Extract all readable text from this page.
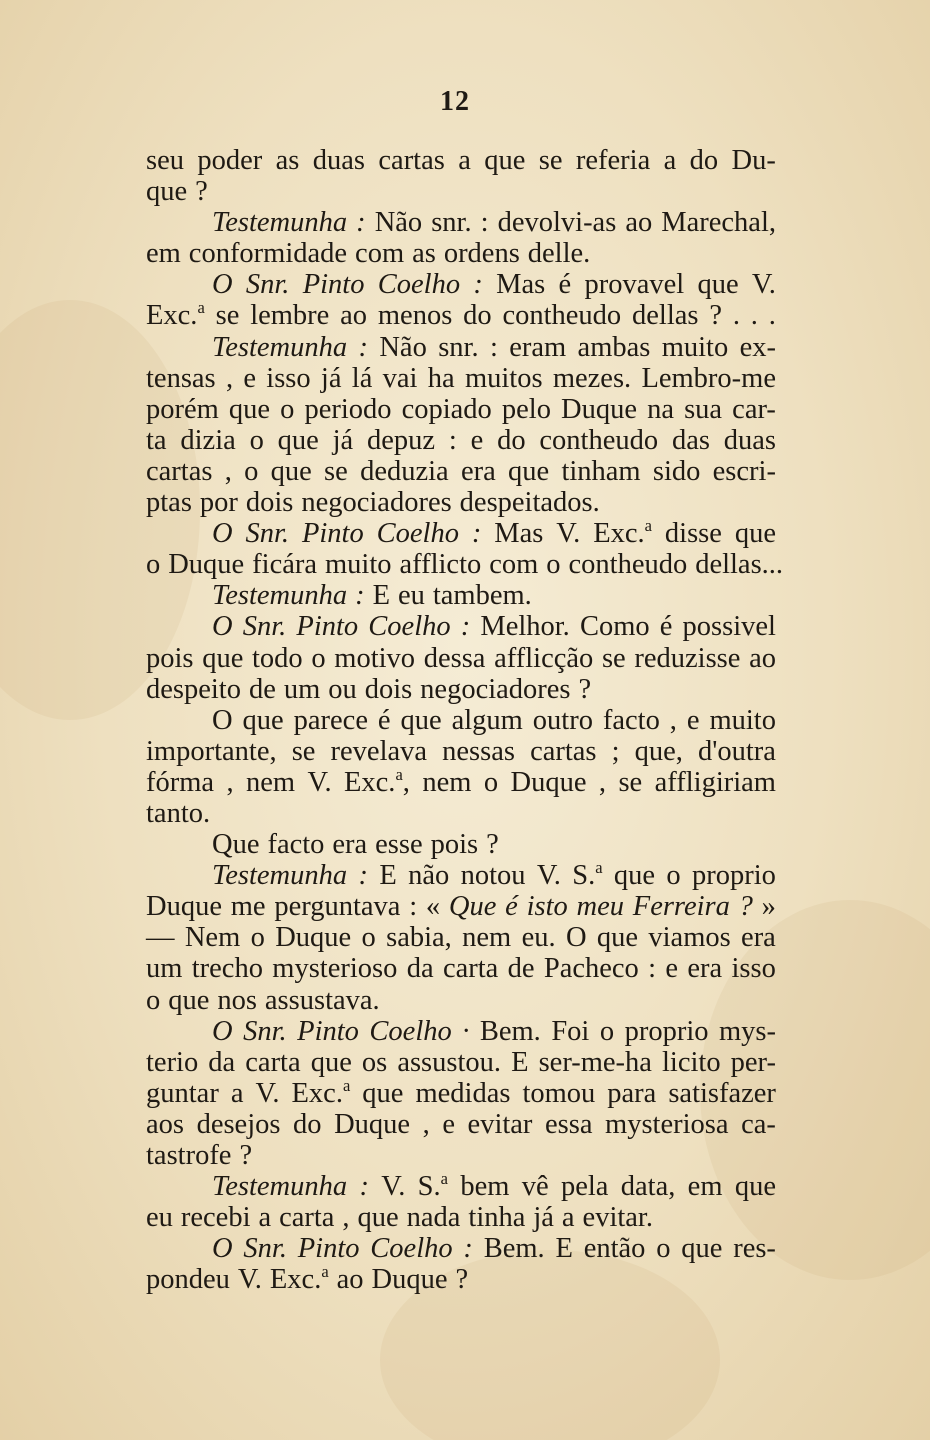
12
seu poder as duas cartas a que se referia a do Du-
que ?
Testemunha : Não snr. : devolvi-as ao Marechal,
em conformidade com as ordens delle.
O Snr. Pinto Coelho : Mas é provavel que V.
Exc.$^a$ se lembre ao menos do contheudo dellas ? . . .
Testemunha : Não snr. : eram ambas muito ex-
tensas , e isso já lá vai ha muitos mezes. Lembro-me
porém que o periodo copiado pelo Duque na sua car-
ta dizia o que já depuz : e do contheudo das duas
cartas , o que se deduzia era que tinham sido escri-
ptas por dois negociadores despeitados.
O Snr. Pinto Coelho : Mas V. Exc.$^a$ disse que
o Duque ficára muito afflicto com o contheudo dellas...
Testemunha : E eu tambem.
O Snr. Pinto Coelho : Melhor. Como é possivel
pois que todo o motivo dessa afflicção se reduzisse ao
despeito de um ou dois negociadores ?
O que parece é que algum outro facto , e muito
importante, se revelava nessas cartas ; que, d'outra
fórma , nem V. Exc.$^a$, nem o Duque , se affligiriam
tanto.
Que facto era esse pois ?
Testemunha : E não notou V. S.$^a$ que o proprio
Duque me perguntava : « Que é isto meu Ferreira ? »
— Nem o Duque o sabia, nem eu. O que viamos era
um trecho mysterioso da carta de Pacheco : e era isso
o que nos assustava.
O Snr. Pinto Coelho · Bem. Foi o proprio mys-
terio da carta que os assustou. E ser-me-ha licito per-
guntar a V. Exc.$^a$ que medidas tomou para satisfazer
aos desejos do Duque , e evitar essa mysteriosa ca-
tastrofe ?
Testemunha : V. S.$^a$ bem vê pela data, em que
eu recebi a carta , que nada tinha já a evitar.
O Snr. Pinto Coelho : Bem. E então o que res-
pondeu V. Exc.$^a$ ao Duque ?
